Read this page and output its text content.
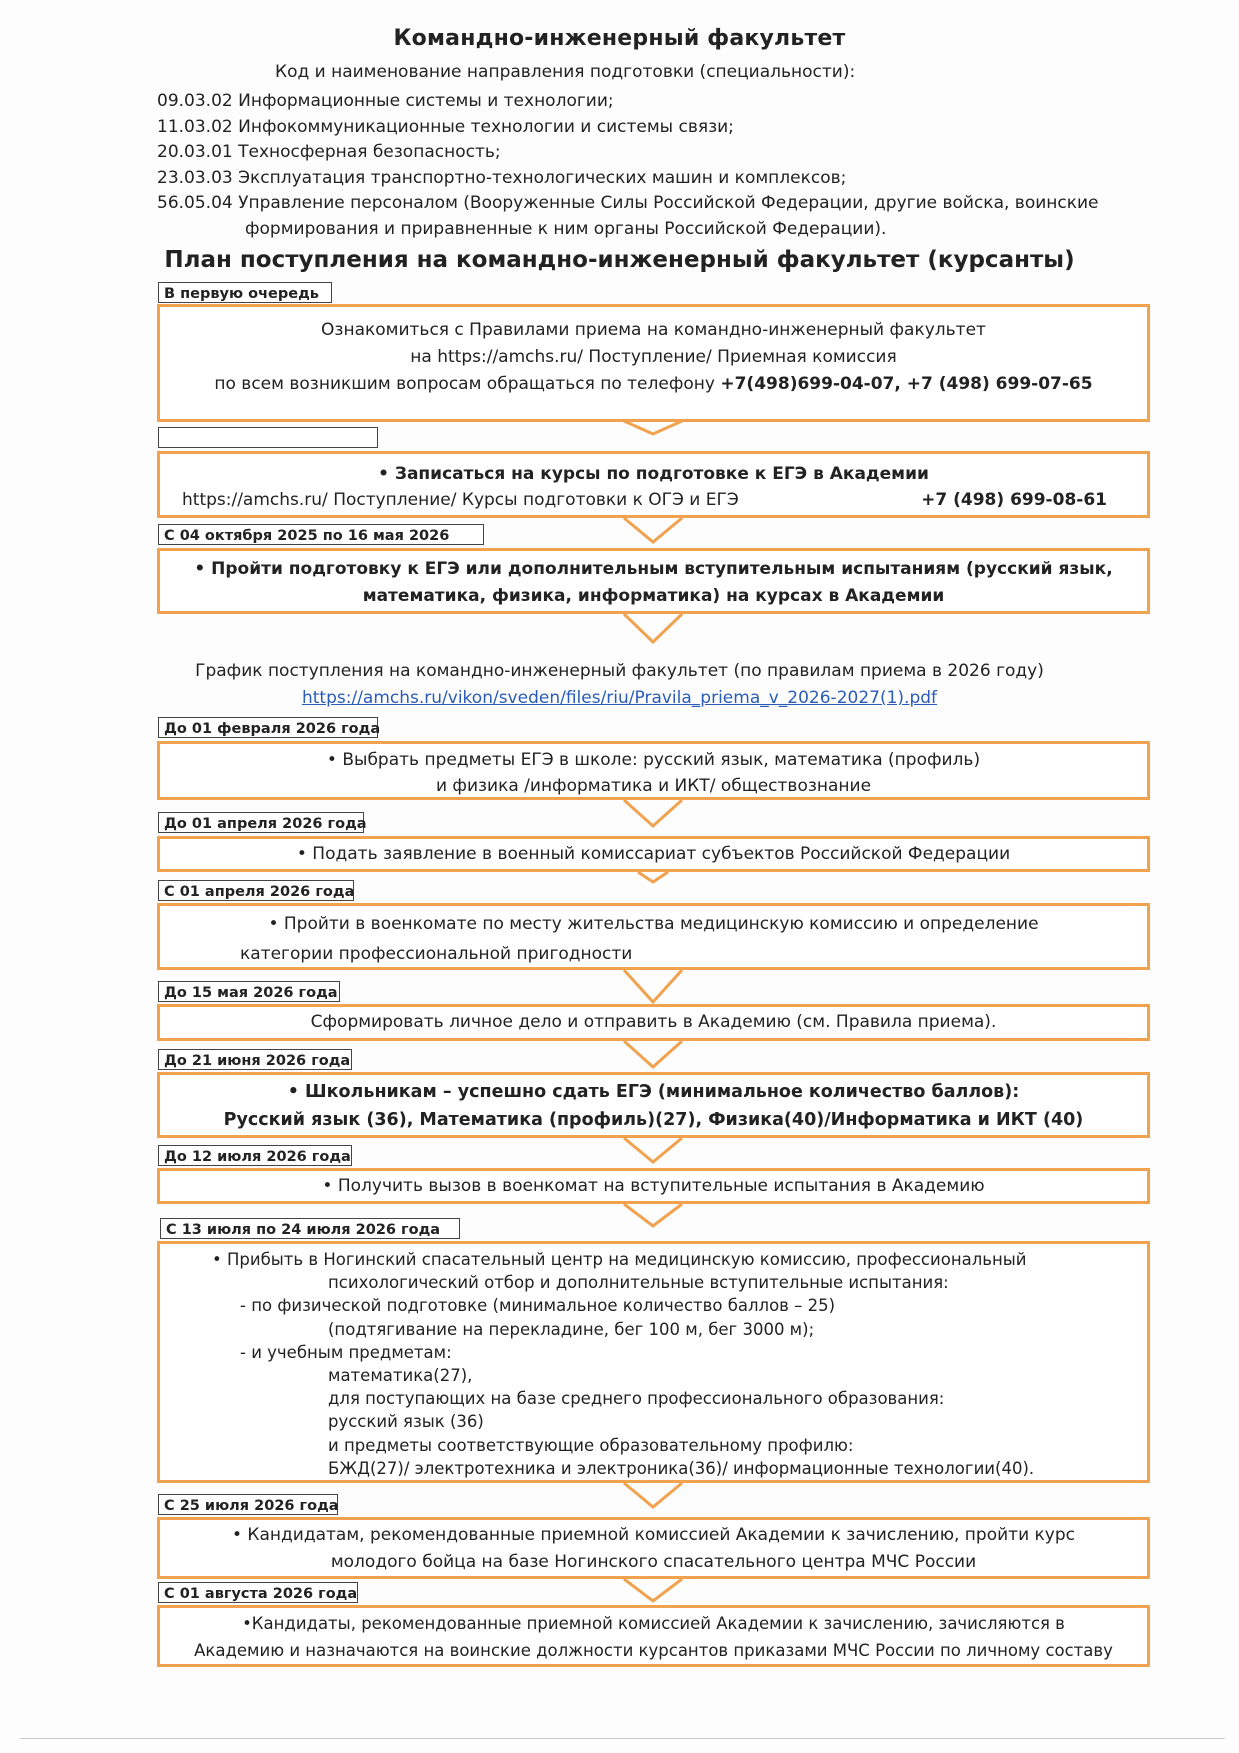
Командно-инженерный факультет
Код и наименование направления подготовки (специальности):
09.03.02 Информационные системы и технологии;
11.03.02 Инфокоммуникационные технологии и системы связи;
20.03.01 Техносферная безопасность;
23.03.03 Эксплуатация транспортно-технологических машин и комплексов;
56.05.04 Управление персоналом (Вооруженные Силы Российской Федерации, другие войска, воинские
формирования и приравненные к ним органы Российской Федерации).
План поступления на командно-инженерный факультет (курсанты)
В первую очередь
Ознакомиться с Правилами приема на командно-инженерный факультет
на https://amchs.ru/ Поступление/ Приемная комиссия
по всем возникшим вопросам обращаться по телефону +7(498)699-04-07, +7 (498) 699-07-65
• Записаться на курсы по подготовке к ЕГЭ в Академии
https://amchs.ru/ Поступление/ Курсы подготовки к ОГЭ и ЕГЭ	+7 (498) 699-08-61
С 04 октября 2025 по 16 мая 2026
• Пройти подготовку к ЕГЭ или дополнительным вступительным испытаниям (русский язык,
математика, физика, информатика) на курсах в Академии
График поступления на командно-инженерный факультет (по правилам приема в 2026 году)
https://amchs.ru/vikon/sveden/files/riu/Pravila_priema_v_2026-2027(1).pdf
До 01 февраля 2026 года
• Выбрать предметы ЕГЭ в школе: русский язык, математика (профиль)
и физика /информатика и ИКТ/ обществознание
До 01 апреля 2026 года
• Подать заявление в военный комиссариат субъектов Российской Федерации
С 01 апреля 2026 года
• Пройти в военкомате по месту жительства медицинскую комиссию и определение
категории профессиональной пригодности
До 15 мая 2026 года
Сформировать личное дело и отправить в Академию (см. Правила приема).
До 21 июня 2026 года
• Школьникам – успешно сдать ЕГЭ (минимальное количество баллов):
Русский язык (36), Математика (профиль)(27), Физика(40)/Информатика и ИКТ (40)
До 12 июля 2026 года
• Получить вызов в военкомат на вступительные испытания в Академию
С 13 июля по 24 июля 2026 года
• Прибыть в Ногинский спасательный центр на медицинскую комиссию, профессиональный
психологический отбор и дополнительные вступительные испытания:
- по физической подготовке (минимальное количество баллов – 25)
(подтягивание на перекладине, бег 100 м, бег 3000 м);
- и учебным предметам:
математика(27),
для поступающих на базе среднего профессионального образования:
русский язык (36)
и предметы соответствующие образовательному профилю:
БЖД(27)/ электротехника и электроника(36)/ информационные технологии(40).
С 25 июля 2026 года
• Кандидатам, рекомендованные приемной комиссией Академии к зачислению, пройти курс
молодого бойца на базе Ногинского спасательного центра МЧС России
С 01 августа 2026 года
•Кандидаты, рекомендованные приемной комиссией Академии к зачислению, зачисляются в
Академию и назначаются на воинские должности курсантов приказами МЧС России по личному составу
